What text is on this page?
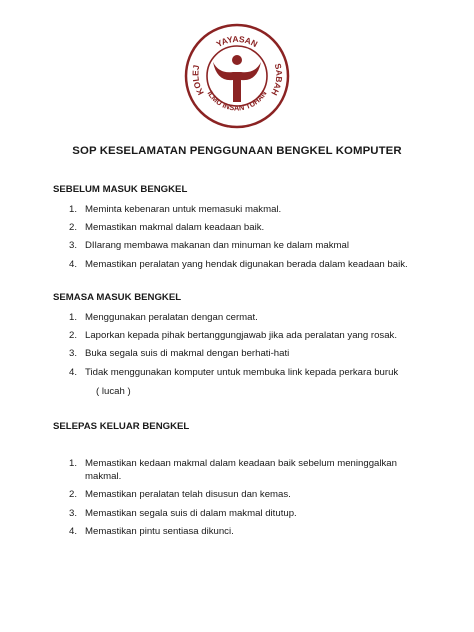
YAYASAN
KOLEJ	SABAH
ILMU INSAN TUHAN
SOP KESELAMATAN PENGGUNAAN BENGKEL KOMPUTER
SEBELUM MASUK BENGKEL
1. Meminta kebenaran untuk memasuki makmal.
2. Memastikan makmal dalam keadaan baik.
3. DIlarang membawa makanan dan minuman ke dalam makmal
4. Memastikan peralatan yang hendak digunakan berada dalam keadaan baik.
SEMASA MASUK BENGKEL
1. Menggunakan peralatan dengan cermat.
2. Laporkan kepada pihak bertanggungjawab jika ada peralatan yang rosak.
3. Buka segala suis di makmal dengan berhati-hati
4. Tidak menggunakan komputer untuk membuka link kepada perkara buruk
( lucah )
SELEPAS KELUAR BENGKEL
1. Memastikan kedaan makmal dalam keadaan baik sebelum meninggalkan
makmal.
2. Memastikan peralatan telah disusun dan kemas.
3. Memastikan segala suis di dalam makmal ditutup.
4. Memastikan pintu sentiasa dikunci.
